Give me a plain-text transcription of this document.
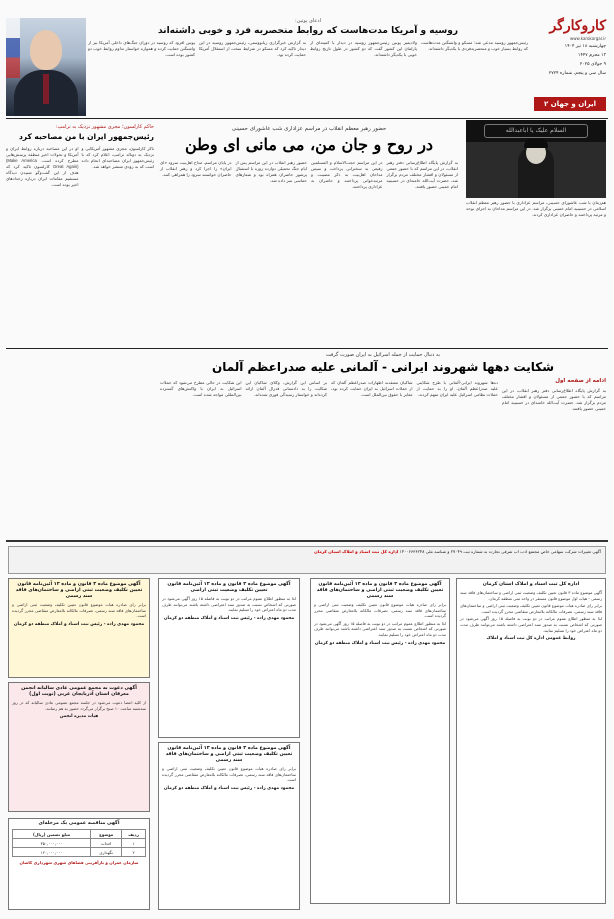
کاروکارگر
www.karokargar.ir
چهارشنبه ۱۸ تیر ۱۴۰۴
۱۳ محرم ۱۴۴۷
۹ جولای ۲۰۲۵
سال سی و پنجم، شماره ۲۷۲۴
ایران و جهان ۲
ادعای پوتین:
روسیه و آمریکا مدت‌هاست که روابط منحصربه فرد و خوبی داشته‌اند

رئیس‌جمهور روسیه مدعی شد: مسکو و واشنگتن مدت‌هاست که روابط بسیار خوب و منحصربه‌فردی با یکدیگر داشته‌اند.

ولادیمیر پوتین رئیس‌جمهور روسیه در دیدار با کمیته‌ای از پارلمان این کشور گفت که دو کشور در طول تاریخ روابط خوبی با یکدیگر داشته‌اند.

به گزارش خبرگزاری ریانووستی، رئیس‌جمهور روسیه در این دیدار تاکید کرد که مسکو در شرایط سخت از استقلال آمریکا حمایت کرده بود.

پوتین افزود که روسیه در دوران جنگ‌های داخلی آمریکا نیز از واشنگتن حمایت کرده و همواره خواستار تداوم روابط خوب دو کشور بوده است.

السلام علیک یا اباعبدالله

هم‌زمان با شب عاشورای حسینی، مراسم عزاداری با حضور رهبر معظم انقلاب اسلامی در حسینیه امام خمینی برگزار شد. در این مراسم مداحان به اجرای نوحه و مرثیه پرداختند و حاضران عزاداری کردند.

حضور رهبر معظم انقلاب در مراسم عزاداری شب عاشورای حسینی
در روح و جان من، می مانی ای وطن

به گزارش پایگاه اطلاع‌رسانی دفتر رهبر انقلاب، در این مراسم که با حضور جمعی از مسئولان و اقشار مختلف مردم برگزار شد، حضرت آیت‌الله خامنه‌ای در حسینیه امام خمینی حضور یافتند.

در این مراسم حجت‌الاسلام و المسلمین رفیعی به سخنرانی پرداخت و سپس مداحان اهل‌بیت به ذکر مصیبت و مرثیه‌خوانی پرداختند و حاضران به عزاداری پرداختند.

حضور رهبر انقلاب در این مراسم پس از ایام جنگ تحمیلی دوازده روزه با استقبال پرشور حاضران همراه بود و شعارهای حماسی سر داده شد.

در پایان مراسم، مداح اهل‌بیت سرود «ای ایران» را اجرا کرد و رهبر انقلاب از حاضران خواستند سرود را همراهی کنند.

حاکم کارلسون؛ مجری مشهور نزدیک به ترامپ:
رئیس‌جمهور ایران با من مصاحبه کرد

تاکر کارلسون، مجری مشهور آمریکایی و نزدیک به دونالد ترامپ، اعلام کرد که با رئیس‌جمهور ایران مصاحبه‌ای انجام داده است که به زودی منتشر خواهد شد.

او در این مصاحبه درباره روابط ایران و آمریکا و تحولات اخیر منطقه پرسش‌هایی مطرح کرده است. (Make America Great Again) کارلسون تاکید کرد که هدف از این گفت‌وگو شنیدن دیدگاه مستقیم مقامات ایران درباره رخدادهای اخیر بوده است.

به دنبال حمایت از حمله اسرائیل به ایران صورت گرفت
شکایت دهها شهروند ایرانی - آلمانی علیه صدراعظم آلمان

ده‌ها شهروند ایرانی-آلمانی با طرح شکایتی علیه صدراعظم آلمان، او را به حمایت از حملات نظامی اسرائیل علیه ایران متهم کردند.

شاکیان معتقدند اظهارات صدراعظم آلمان که از حملات اسرائیل به ایران حمایت کرده بود، مغایر با حقوق بین‌الملل است.

بر اساس این گزارش، وکلای شاکیان این شکایت را به دادستانی فدرال آلمان ارائه کرده‌اند و خواستار رسیدگی فوری شده‌اند.

این شکایت در حالی مطرح می‌شود که حملات اسرائیل به ایران با واکنش‌های گسترده بین‌المللی مواجه شده است.

ادامه از صفحه اول

به گزارش پایگاه اطلاع‌رسانی دفتر رهبر انقلاب، در این مراسم که با حضور جمعی از مسئولان و اقشار مختلف مردم برگزار شد، حضرت آیت‌الله خامنه‌ای در حسینیه امام خمینی حضور یافتند.

آگهی تغییرات شرکت سهامی خاص مجتمع ادب اب ‌شرقی تجارت به شماره ثبت ۲۷۰۴۹ و شناسه ملی ۱۴۰۰۶۶۳۶۲۴۸ اداره کل ثبت اسناد و املاک استان کرمان
اداره کل ثبت اسناد و املاک استان کرمان

آگهی موضوع ماده ۳ قانون تعیین تکلیف وضعیت ثبتی اراضی و ساختمان‌های فاقد سند رسمی - هیات اول موضوع قانون مستقر در واحد ثبتی منطقه کرمان.

برابر رای صادره هیات موضوع قانون تعیین تکلیف وضعیت ثبتی اراضی و ساختمان‌های فاقد سند رسمی، تصرفات مالکانه بلامعارض متقاضی محرز گردیده است.

لذا به منظور اطلاع عموم مراتب در دو نوبت به فاصله ۱۵ روز آگهی می‌شود در صورتی که اشخاص نسبت به صدور سند اعتراضی داشته باشند می‌توانند ظرف مدت دو ماه اعتراض خود را تسلیم نمایند.

روابط عمومی اداره کل ثبت اسناد و املاک
آگهی موضوع ماده ۳ قانون و ماده ۱۳ آئین‌نامه قانون تعیین تکلیف وضعیت ثبتی اراضی و ساختمان‌های فاقد سند رسمی

برابر رای صادره هیات موضوع قانون تعیین تکلیف وضعیت ثبتی اراضی و ساختمان‌های فاقد سند رسمی، تصرفات مالکانه بلامعارض متقاضی محرز گردیده است.

لذا به منظور اطلاع عموم مراتب در دو نوبت به فاصله ۱۵ روز آگهی می‌شود در صورتی که اشخاص نسبت به صدور سند اعتراضی داشته باشند می‌توانند ظرف مدت دو ماه اعتراض خود را تسلیم نمایند.

محمود مهدی زاده - رئیس ثبت اسناد و املاک منطقه دو کرمان
آگهی موضوع ماده ۳ قانون و ماده ۱۳ آئین‌نامه قانون تعیین تکلیف وضعیت ثبتی اراضی

لذا به منظور اطلاع عموم مراتب در دو نوبت به فاصله ۱۵ روز آگهی می‌شود در صورتی که اشخاص نسبت به صدور سند اعتراضی داشته باشند می‌توانند ظرف مدت دو ماه اعتراض خود را تسلیم نمایند.

محمود مهدی زاده - رئیس ثبت اسناد و املاک منطقه دو کرمان
آگهی موضوع ماده ۳ قانون و ماده ۱۳ آئین‌نامه قانون تعیین تکلیف وضعیت ثبتی اراضی و ساختمان‌های فاقد سند رسمی

برابر رای صادره هیات موضوع قانون تعیین تکلیف وضعیت ثبتی اراضی و ساختمان‌های فاقد سند رسمی، تصرفات مالکانه بلامعارض متقاضی محرز گردیده است.

محمود مهدی زاده - رئیس ثبت اسناد و املاک منطقه دو کرمان
آگهی موضوع ماده ۳ قانون و ماده ۱۳ آئین‌نامه قانون تعیین تکلیف وضعیت ثبتی اراضی و ساختمان‌های فاقد سند رسمی

برابر رای صادره هیات موضوع قانون تعیین تکلیف وضعیت ثبتی اراضی و ساختمان‌های فاقد سند رسمی، تصرفات مالکانه بلامعارض متقاضی محرز گردیده است.

محمود مهدی زاده - رئیس ثبت اسناد و املاک منطقه دو کرمان
آگهی دعوت به مجمع عمومی عادی سالیانه انجمن معرفان استان آذربایجان غربی (نوبت اول)

از کلیه اعضا دعوت می‌شود در جلسه مجمع عمومی عادی سالیانه که در روز سه‌شنبه ساعت ۱۰ صبح برگزار می‌گردد حضور به هم رسانند.

هیات مدیره انجمن
آگهی مناقصه عمومی یک مرحله‌ای
ردیف	موضوع	مبلغ تضمین (ریال)
۱	احداث	۳۵۰,۰۰۰,۰۰۰
۲	نگهداری	۱۲۰,۰۰۰,۰۰۰
سازمان عمران و بازآفرینی فضاهای شهری شهرداری کاشان
